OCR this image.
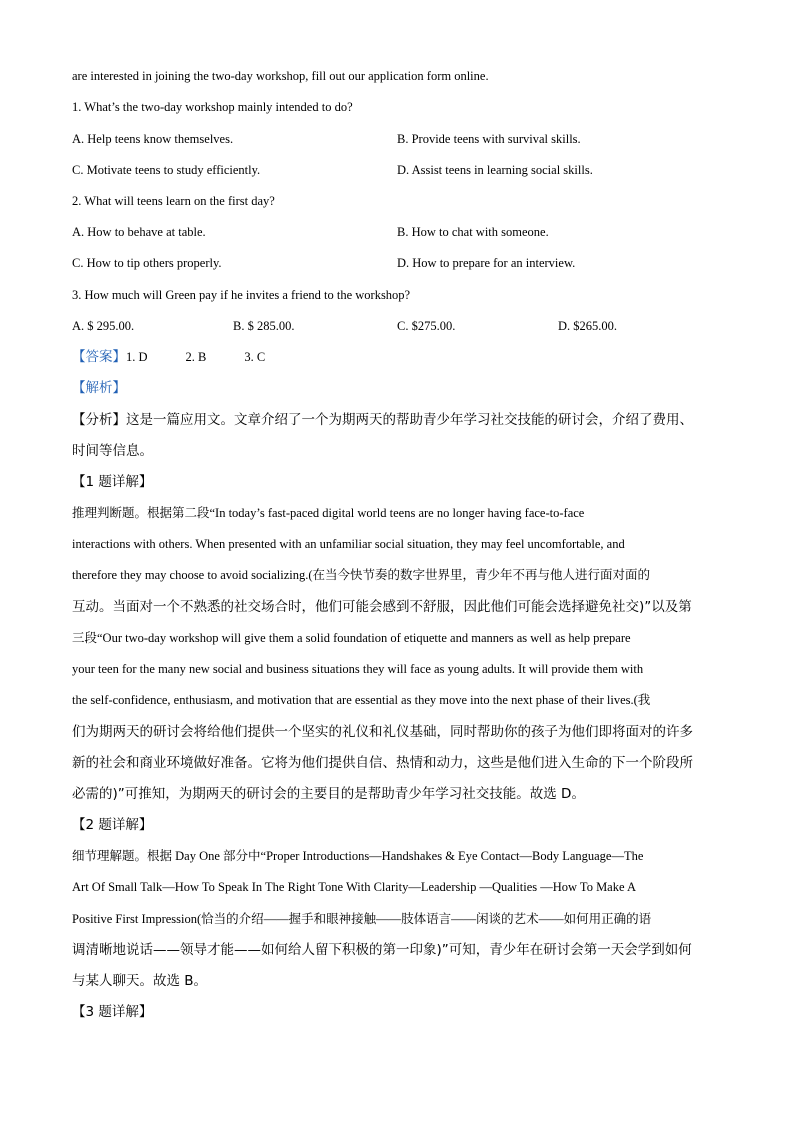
are interested in joining the two-day workshop, fill out our application form online.
1. What’s the two-day workshop mainly intended to do?
A. Help teens know themselves.	B. Provide teens with survival skills.
C. Motivate teens to study efficiently.	D. Assist teens in learning social skills.
2. What will teens learn on the first day?
A. How to behave at table.	B. How to chat with someone.
C. How to tip others properly.	D. How to prepare for an interview.
3. How much will Green pay if he invites a friend to the workshop?
A. $ 295.00.	B. $ 285.00.	C. $275.00.	D. $265.00.
【答案】1. D	2. B	3. C
【解析】
【分析】这是一篇应用文。文章介绍了一个为期两天的帮助青少年学习社交技能的研讨会，介绍了费用、
时间等信息。
【1 题详解】
推理判断题。根据第二段“In today’s fast-paced digital world teens are no longer having face-to-face
interactions with others. When presented with an unfamiliar social situation, they may feel uncomfortable, and
therefore they may choose to avoid socializing.(在当今快节奏的数字世界里，青少年不再与他人进行面对面的
互动。当面对一个不熟悉的社交场合时，他们可能会感到不舒服，因此他们可能会选择避免社交)”以及第
三段“Our two-day workshop will give them a solid foundation of etiquette and manners as well as help prepare
your teen for the many new social and business situations they will face as young adults. It will provide them with
the self-confidence, enthusiasm, and motivation that are essential as they move into the next phase of their lives.(我
们为期两天的研讨会将给他们提供一个坚实的礼仪和礼仪基础，同时帮助你的孩子为他们即将面对的许多
新的社会和商业环境做好准备。它将为他们提供自信、热情和动力，这些是他们进入生命的下一个阶段所
必需的)”可推知，为期两天的研讨会的主要目的是帮助青少年学习社交技能。故选 D。
【2 题详解】
细节理解题。根据 Day One 部分中“Proper Introductions—Handshakes & Eye Contact—Body Language—The
Art Of Small Talk—How To Speak In The Right Tone With Clarity—Leadership —Qualities —How To Make A
Positive First Impression(恰当的介绍——握手和眼神接触——肢体语言——闲谈的艺术——如何用正确的语
调清晰地说话——领导才能——如何给人留下积极的第一印象)”可知，青少年在研讨会第一天会学到如何
与某人聊天。故选 B。
【3 题详解】
